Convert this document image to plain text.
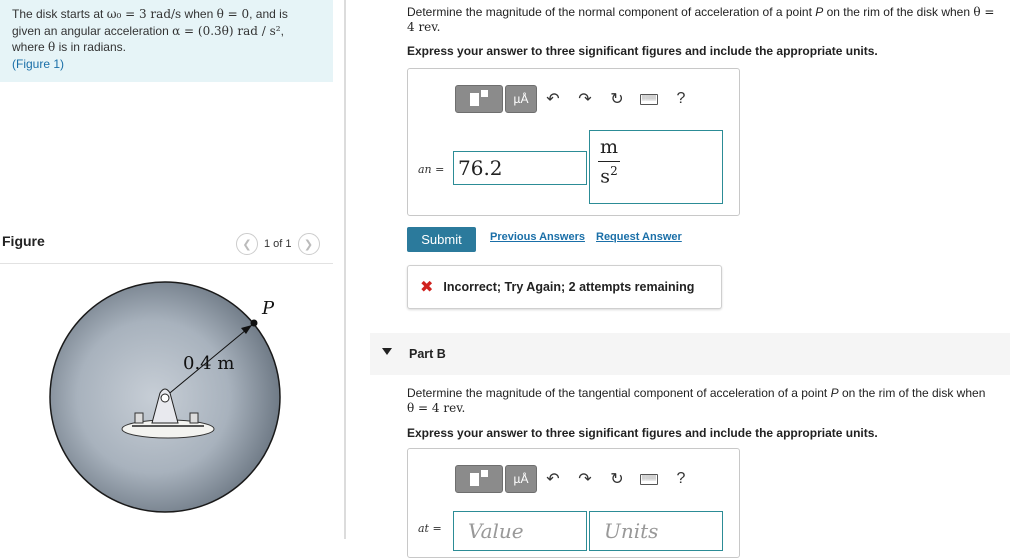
The disk starts at ω₀ = 3 rad/s when θ = 0, and is
given an angular acceleration α = (0.3θ) rad / s²,
where θ is in radians.
(Figure 1)
Figure	❮	1 of 1	❯
P
0.4 m
Determine the magnitude of the normal component of acceleration of a point P on the rim of the disk when θ =
4 rev.
Express your answer to three significant figures and include the appropriate units.
µÅ	↶	↷	↻	▒▒▒▒	?
an =
76.2	$\frac{m}{s^2}$
Submit	Previous Answers Request Answer
✖ Incorrect; Try Again; 2 attempts remaining
Part B
Determine the magnitude of the tangential component of acceleration of a point P on the rim of the disk when
θ = 4 rev.
Express your answer to three significant figures and include the appropriate units.
µÅ	↶	↷	↻	▒▒▒▒	?
at =
Value
Units
